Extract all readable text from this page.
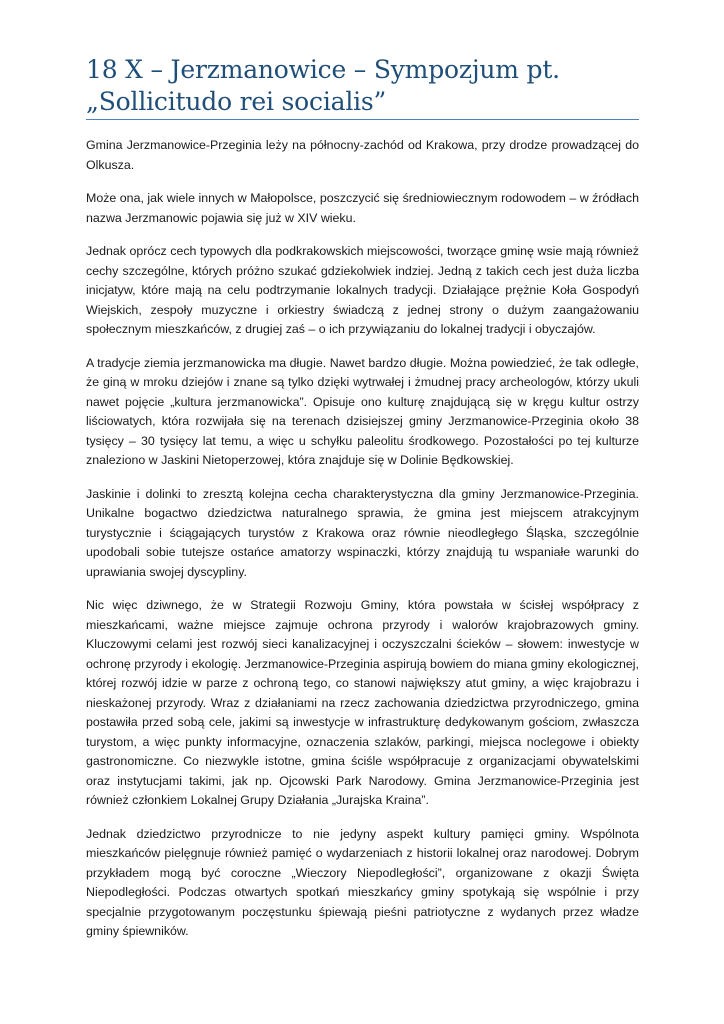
18 X – Jerzmanowice – Sympozjum pt. „Sollicitudo rei socialis”

Gmina Jerzmanowice-Przeginia leży na północny-zachód od Krakowa, przy drodze prowadzącej do Olkusza.

Może ona, jak wiele innych w Małopolsce, poszczycić się średniowiecznym rodowodem – w źródłach nazwa Jerzmanowic pojawia się już w XIV wieku.

Jednak oprócz cech typowych dla podkrakowskich miejscowości, tworzące gminę wsie mają również cechy szczególne, których próżno szukać gdziekolwiek indziej. Jedną z takich cech jest duża liczba inicjatyw, które mają na celu podtrzymanie lokalnych tradycji. Działające prężnie Koła Gospodyń Wiejskich, zespoły muzyczne i orkiestry świadczą z jednej strony o dużym zaangażowaniu społecznym mieszkańców, z drugiej zaś – o ich przywiązaniu do lokalnej tradycji i obyczajów.

A tradycje ziemia jerzmanowicka ma długie. Nawet bardzo długie. Można powiedzieć, że tak odległe, że giną w mroku dziejów i znane są tylko dzięki wytrwałej i żmudnej pracy archeologów, którzy ukuli nawet pojęcie „kultura jerzmanowicka”. Opisuje ono kulturę znajdującą się w kręgu kultur ostrzy liściowatych, która rozwijała się na terenach dzisiejszej gminy Jerzmanowice-Przeginia około 38 tysięcy – 30 tysięcy lat temu, a więc u schyłku paleolitu środkowego. Pozostałości po tej kulturze znaleziono w Jaskini Nietoperzowej, która znajduje się w Dolinie Będkowskiej.

Jaskinie i dolinki to zresztą kolejna cecha charakterystyczna dla gminy Jerzmanowice-Przeginia. Unikalne bogactwo dziedzictwa naturalnego sprawia, że gmina jest miejscem atrakcyjnym turystycznie i ściągających turystów z Krakowa oraz równie nieodległego Śląska, szczególnie upodobali sobie tutejsze ostańce amatorzy wspinaczki, którzy znajdują tu wspaniałe warunki do uprawiania swojej dyscypliny.

Nic więc dziwnego, że w Strategii Rozwoju Gminy, która powstała w ścisłej współpracy z mieszkańcami, ważne miejsce zajmuje ochrona przyrody i walorów krajobrazowych gminy. Kluczowymi celami jest rozwój sieci kanalizacyjnej i oczyszczalni ścieków – słowem: inwestycje w ochronę przyrody i ekologię. Jerzmanowice-Przeginia aspirują bowiem do miana gminy ekologicznej, której rozwój idzie w parze z ochroną tego, co stanowi największy atut gminy, a więc krajobrazu i nieskażonej przyrody. Wraz z działaniami na rzecz zachowania dziedzictwa przyrodniczego, gmina postawiła przed sobą cele, jakimi są inwestycje w infrastrukturę dedykowanym gościom, zwłaszcza turystom, a więc punkty informacyjne, oznaczenia szlaków, parkingi, miejsca noclegowe i obiekty gastronomiczne. Co niezwykle istotne, gmina ściśle współpracuje z organizacjami obywatelskimi oraz instytucjami takimi, jak np. Ojcowski Park Narodowy. Gmina Jerzmanowice-Przeginia jest również członkiem Lokalnej Grupy Działania „Jurajska Kraina”.

Jednak dziedzictwo przyrodnicze to nie jedyny aspekt kultury pamięci gminy. Wspólnota mieszkańców pielęgnuje również pamięć o wydarzeniach z historii lokalnej oraz narodowej. Dobrym przykładem mogą być coroczne „Wieczory Niepodległości”, organizowane z okazji Święta Niepodległości. Podczas otwartych spotkań mieszkańcy gminy spotykają się wspólnie i przy specjalnie przygotowanym poczęstunku śpiewają pieśni patriotyczne z wydanych przez władze gminy śpiewników.
